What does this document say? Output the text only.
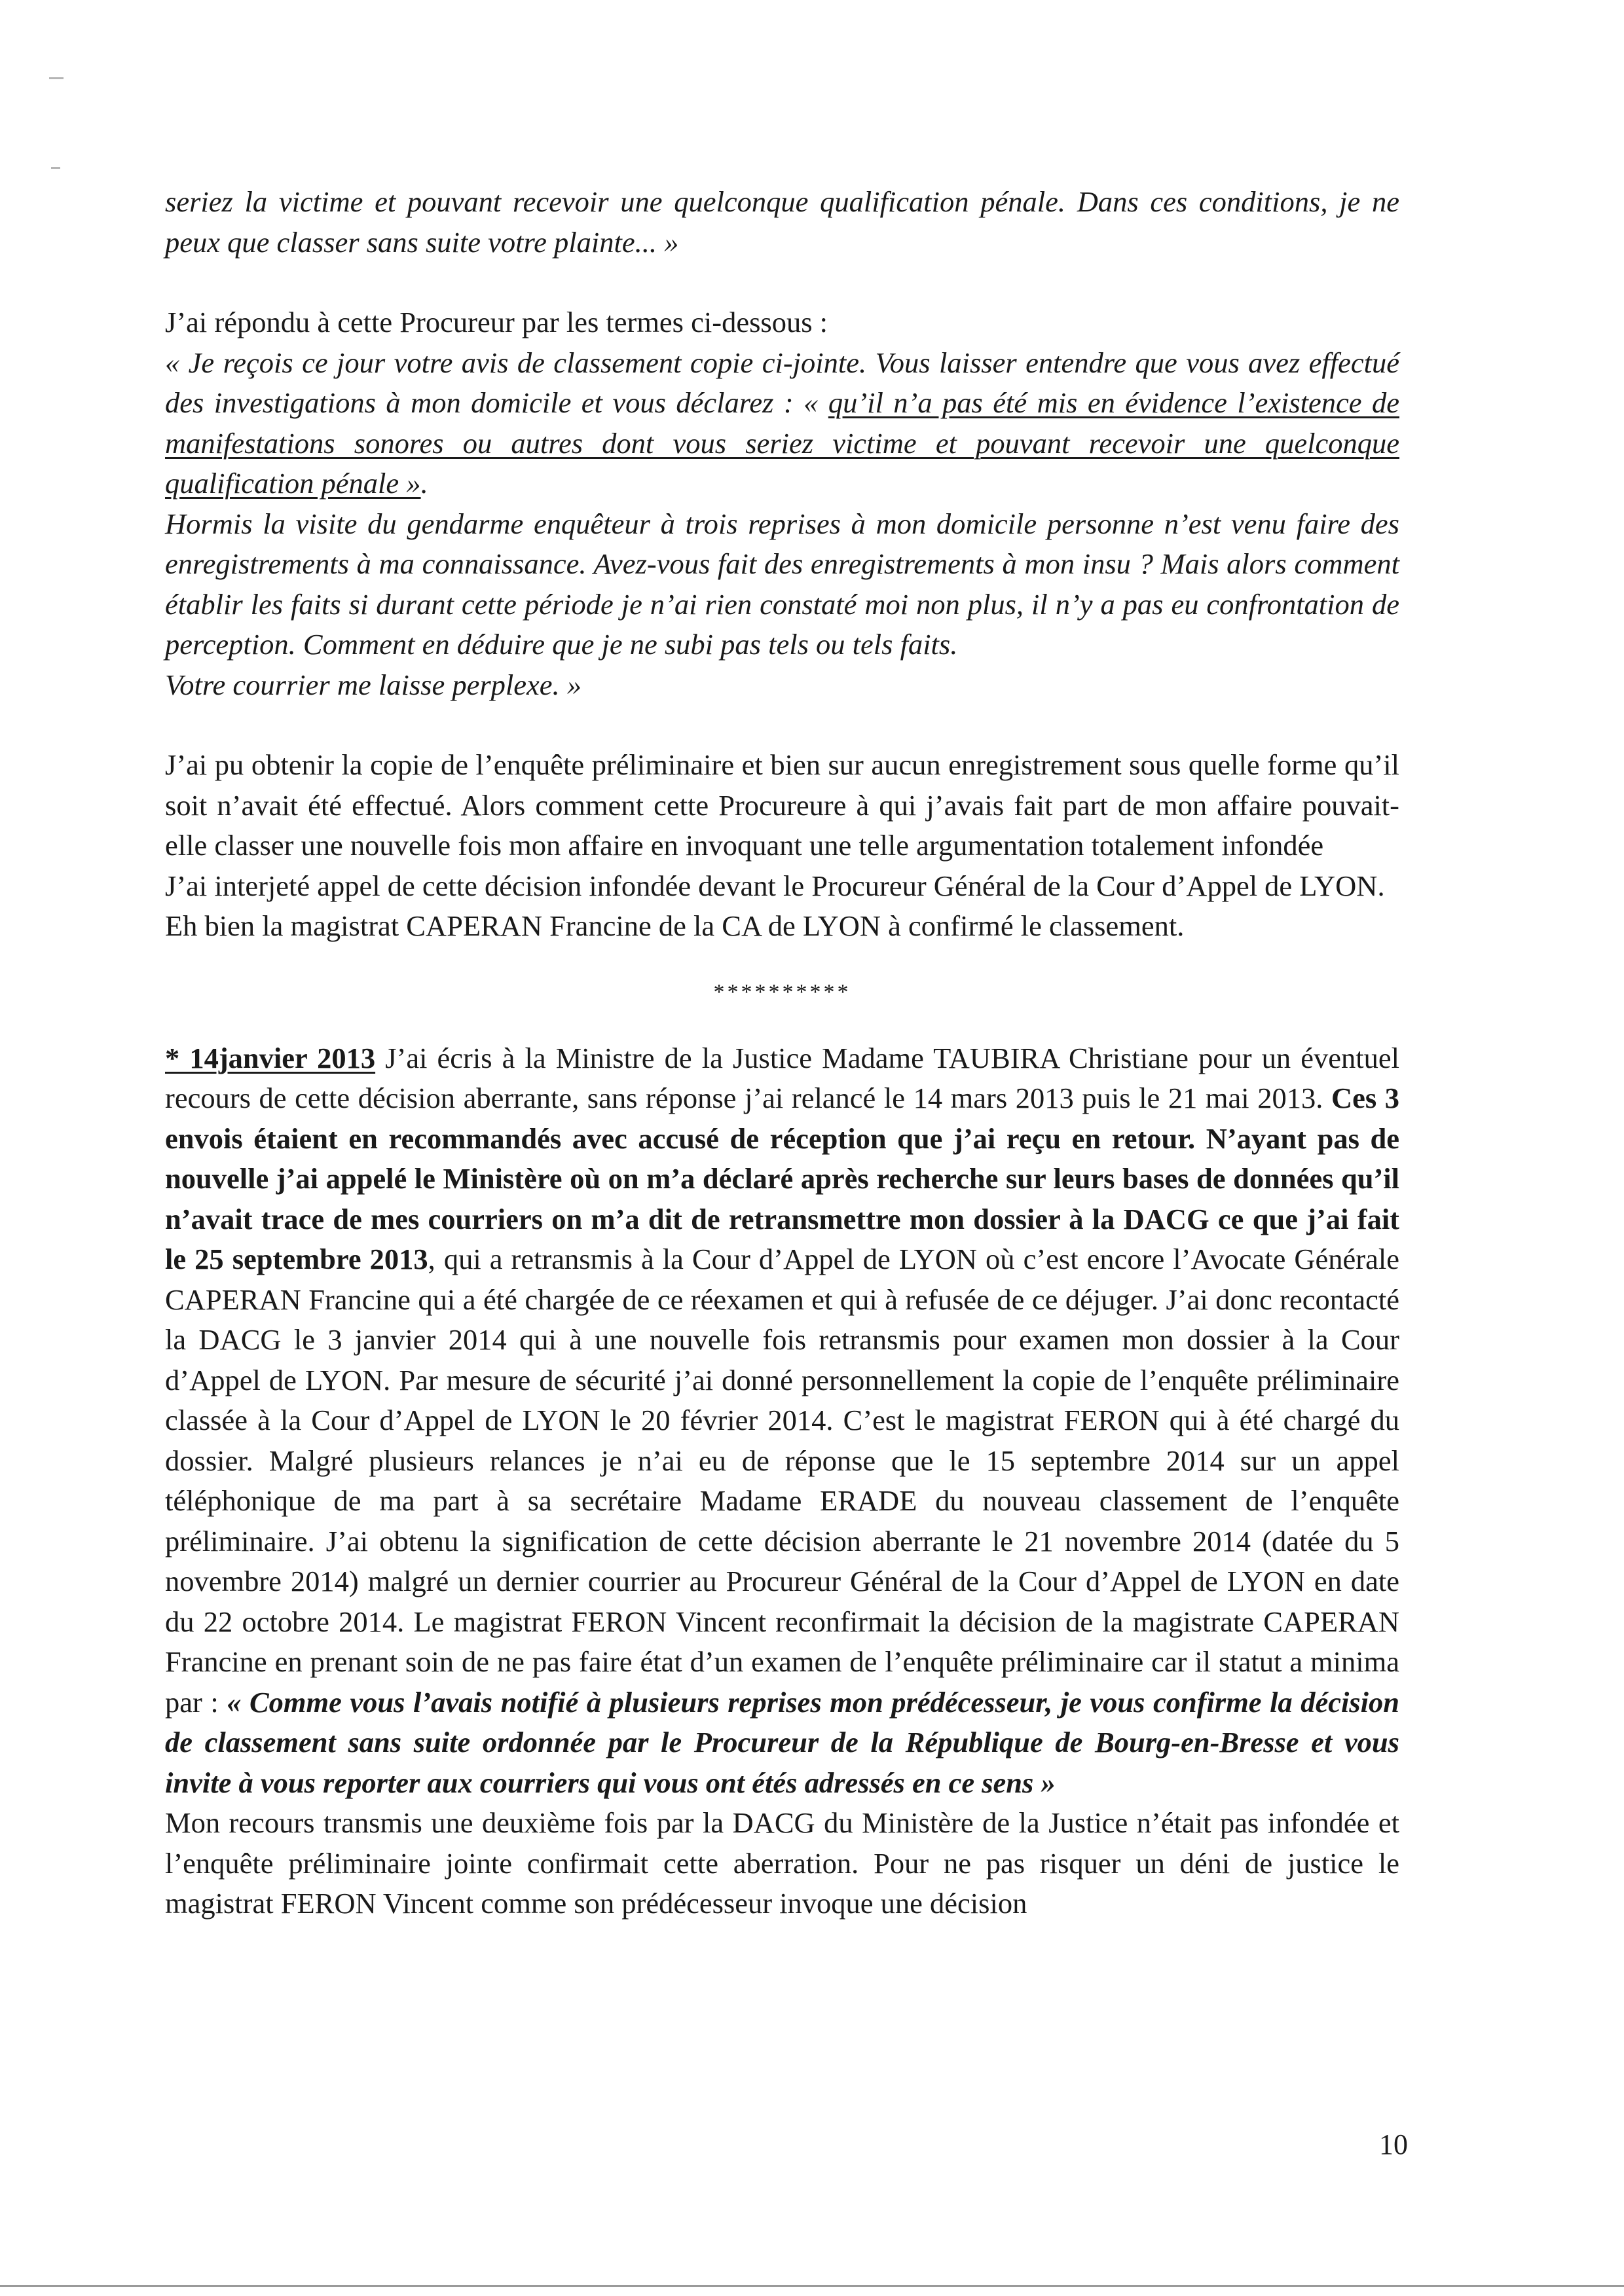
seriez la victime et pouvant recevoir une quelconque qualification pénale. Dans ces conditions, je ne peux que classer sans suite votre plainte... »

J’ai répondu à cette Procureur par les termes ci-dessous :

« Je reçois ce jour votre avis de classement copie ci-jointe. Vous laisser entendre que vous avez effectué des investigations à mon domicile et vous déclarez : « qu’il n’a pas été mis en évidence l’existence de manifestations sonores ou autres dont vous seriez victime et pouvant recevoir une quelconque qualification pénale ».

Hormis la visite du gendarme enquêteur à trois reprises à mon domicile personne n’est venu faire des enregistrements à ma connaissance. Avez-vous fait des enregistrements à mon insu ? Mais alors comment établir les faits si durant cette période je n’ai rien constaté moi non plus, il n’y a pas eu confrontation de perception. Comment en déduire que je ne subi pas tels ou tels faits.

Votre courrier me laisse perplexe. »

J’ai pu obtenir la copie de l’enquête préliminaire et bien sur aucun enregistrement sous quelle forme qu’il soit n’avait été effectué. Alors comment cette Procureure à qui j’avais fait part de mon affaire pouvait-elle classer une nouvelle fois mon affaire en invoquant une telle argumentation totalement infondée

J’ai interjeté appel de cette décision infondée devant le Procureur Général de la Cour d’Appel de LYON.

Eh bien la magistrat CAPERAN Francine de la CA de LYON à confirmé le classement.

**********

* 14janvier 2013 J’ai écris à la Ministre de la Justice Madame TAUBIRA Christiane pour un éventuel recours de cette décision aberrante, sans réponse j’ai relancé le 14 mars 2013 puis le 21 mai 2013. Ces 3 envois étaient en recommandés avec accusé de réception que j’ai reçu en retour. N’ayant pas de nouvelle j’ai appelé le Ministère où on m’a déclaré après recherche sur leurs bases de données qu’il n’avait trace de mes courriers on m’a dit de retransmettre mon dossier à la DACG ce que j’ai fait le 25 septembre 2013, qui a retransmis à la Cour d’Appel de LYON où c’est encore l’Avocate Générale CAPERAN Francine qui a été chargée de ce réexamen et qui à refusée de ce déjuger. J’ai donc recontacté la DACG le 3 janvier 2014 qui à une nouvelle fois retransmis pour examen mon dossier à la Cour d’Appel de LYON. Par mesure de sécurité j’ai donné personnellement la copie de l’enquête préliminaire classée à la Cour d’Appel de LYON le 20 février 2014. C’est le magistrat FERON qui à été chargé du dossier. Malgré plusieurs relances je n’ai eu de réponse que le 15 septembre 2014 sur un appel téléphonique de ma part à sa secrétaire Madame ERADE du nouveau classement de l’enquête préliminaire. J’ai obtenu la signification de cette décision aberrante le 21 novembre 2014 (datée du 5 novembre 2014) malgré un dernier courrier au Procureur Général de la Cour d’Appel de LYON en date du 22 octobre 2014. Le magistrat FERON Vincent reconfirmait la décision de la magistrate CAPERAN Francine en prenant soin de ne pas faire état d’un examen de l’enquête préliminaire car il statut a minima par : « Comme vous l’avais notifié à plusieurs reprises mon prédécesseur, je vous confirme la décision de classement sans suite ordonnée par le Procureur de la République de Bourg-en-Bresse et vous invite à vous reporter aux courriers qui vous ont étés adressés en ce sens »

Mon recours transmis une deuxième fois par la DACG du Ministère de la Justice n’était pas infondée et l’enquête préliminaire jointe confirmait cette aberration. Pour ne pas risquer un déni de justice le magistrat FERON Vincent comme son prédécesseur invoque une décision

10
